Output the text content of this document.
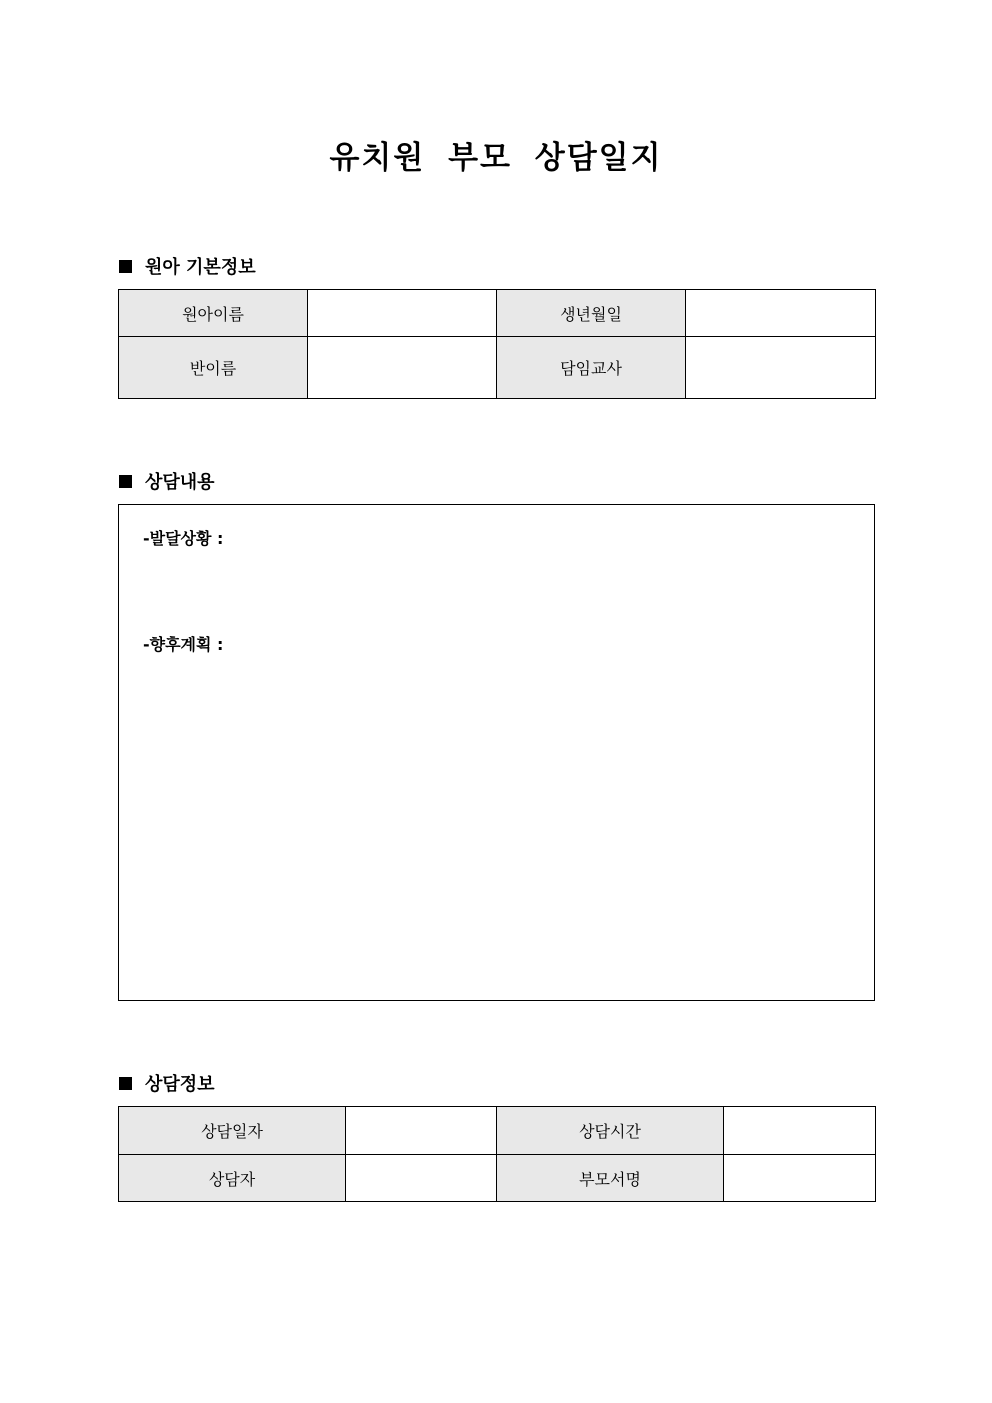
유치원 부모 상담일지
원아 기본정보
원아이름		생년월일	
반이름		담임교사	
상담내용
-발달상황 :
-향후계획 :
상담정보
상담일자		상담시간	
상담자		부모서명	
